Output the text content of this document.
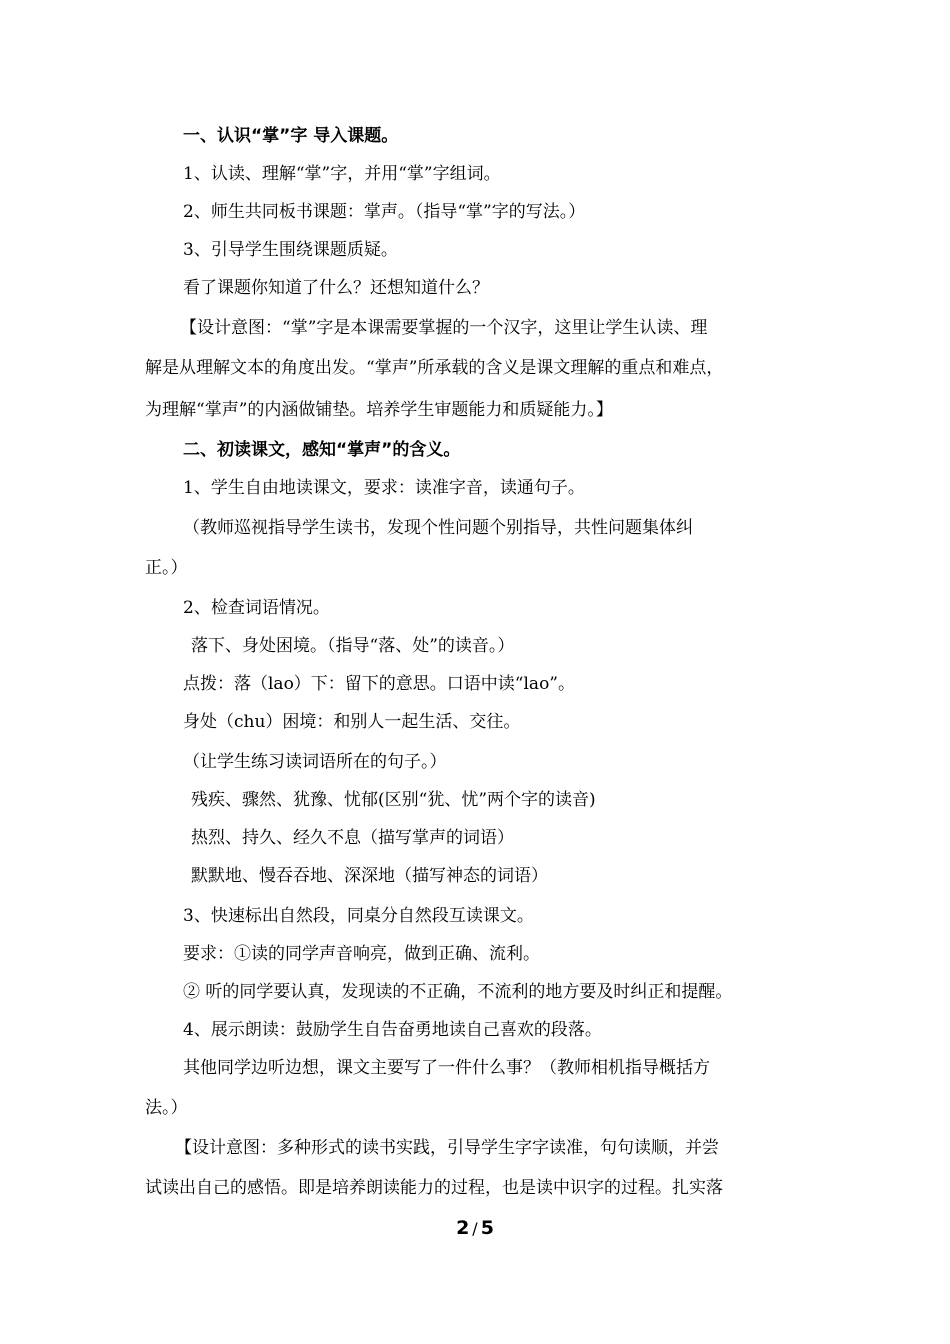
一、认识“掌”字 导入课题。
1、认读、理解“掌”字，并用“掌”字组词。
2、师生共同板书课题：掌声。（指导“掌”字的写法。）
3、引导学生围绕课题质疑。
看了课题你知道了什么？还想知道什么？
【设计意图：“掌”字是本课需要掌握的一个汉字，这里让学生认读、理
解是从理解文本的角度出发。“掌声”所承载的含义是课文理解的重点和难点，
为理解“掌声”的内涵做铺垫。培养学生审题能力和质疑能力。】
二、初读课文，感知“掌声”的含义。
1、学生自由地读课文，要求：读准字音，读通句子。
（教师巡视指导学生读书，发现个性问题个别指导，共性问题集体纠
正。）
2、检查词语情况。
落下、身处困境。（指导“落、处”的读音。）
点拨：落（lao）下：留下的意思。口语中读“lao”。
身处（chu）困境：和别人一起生活、交往。
（让学生练习读词语所在的句子。）
残疾、骤然、犹豫、忧郁(区别“犹、忧”两个字的读音)
热烈、持久、经久不息（描写掌声的词语）
默默地、慢吞吞地、深深地（描写神态的词语）
3、快速标出自然段，同桌分自然段互读课文。
要求：①读的同学声音响亮，做到正确、流利。
② 听的同学要认真，发现读的不正确，不流利的地方要及时纠正和提醒。
4、展示朗读：鼓励学生自告奋勇地读自己喜欢的段落。
其他同学边听边想，课文主要写了一件什么事？（教师相机指导概括方
法。）
【设计意图：多种形式的读书实践，引导学生字字读准，句句读顺，并尝
试读出自己的感悟。即是培养朗读能力的过程，也是读中识字的过程。扎实落
2 / 5
